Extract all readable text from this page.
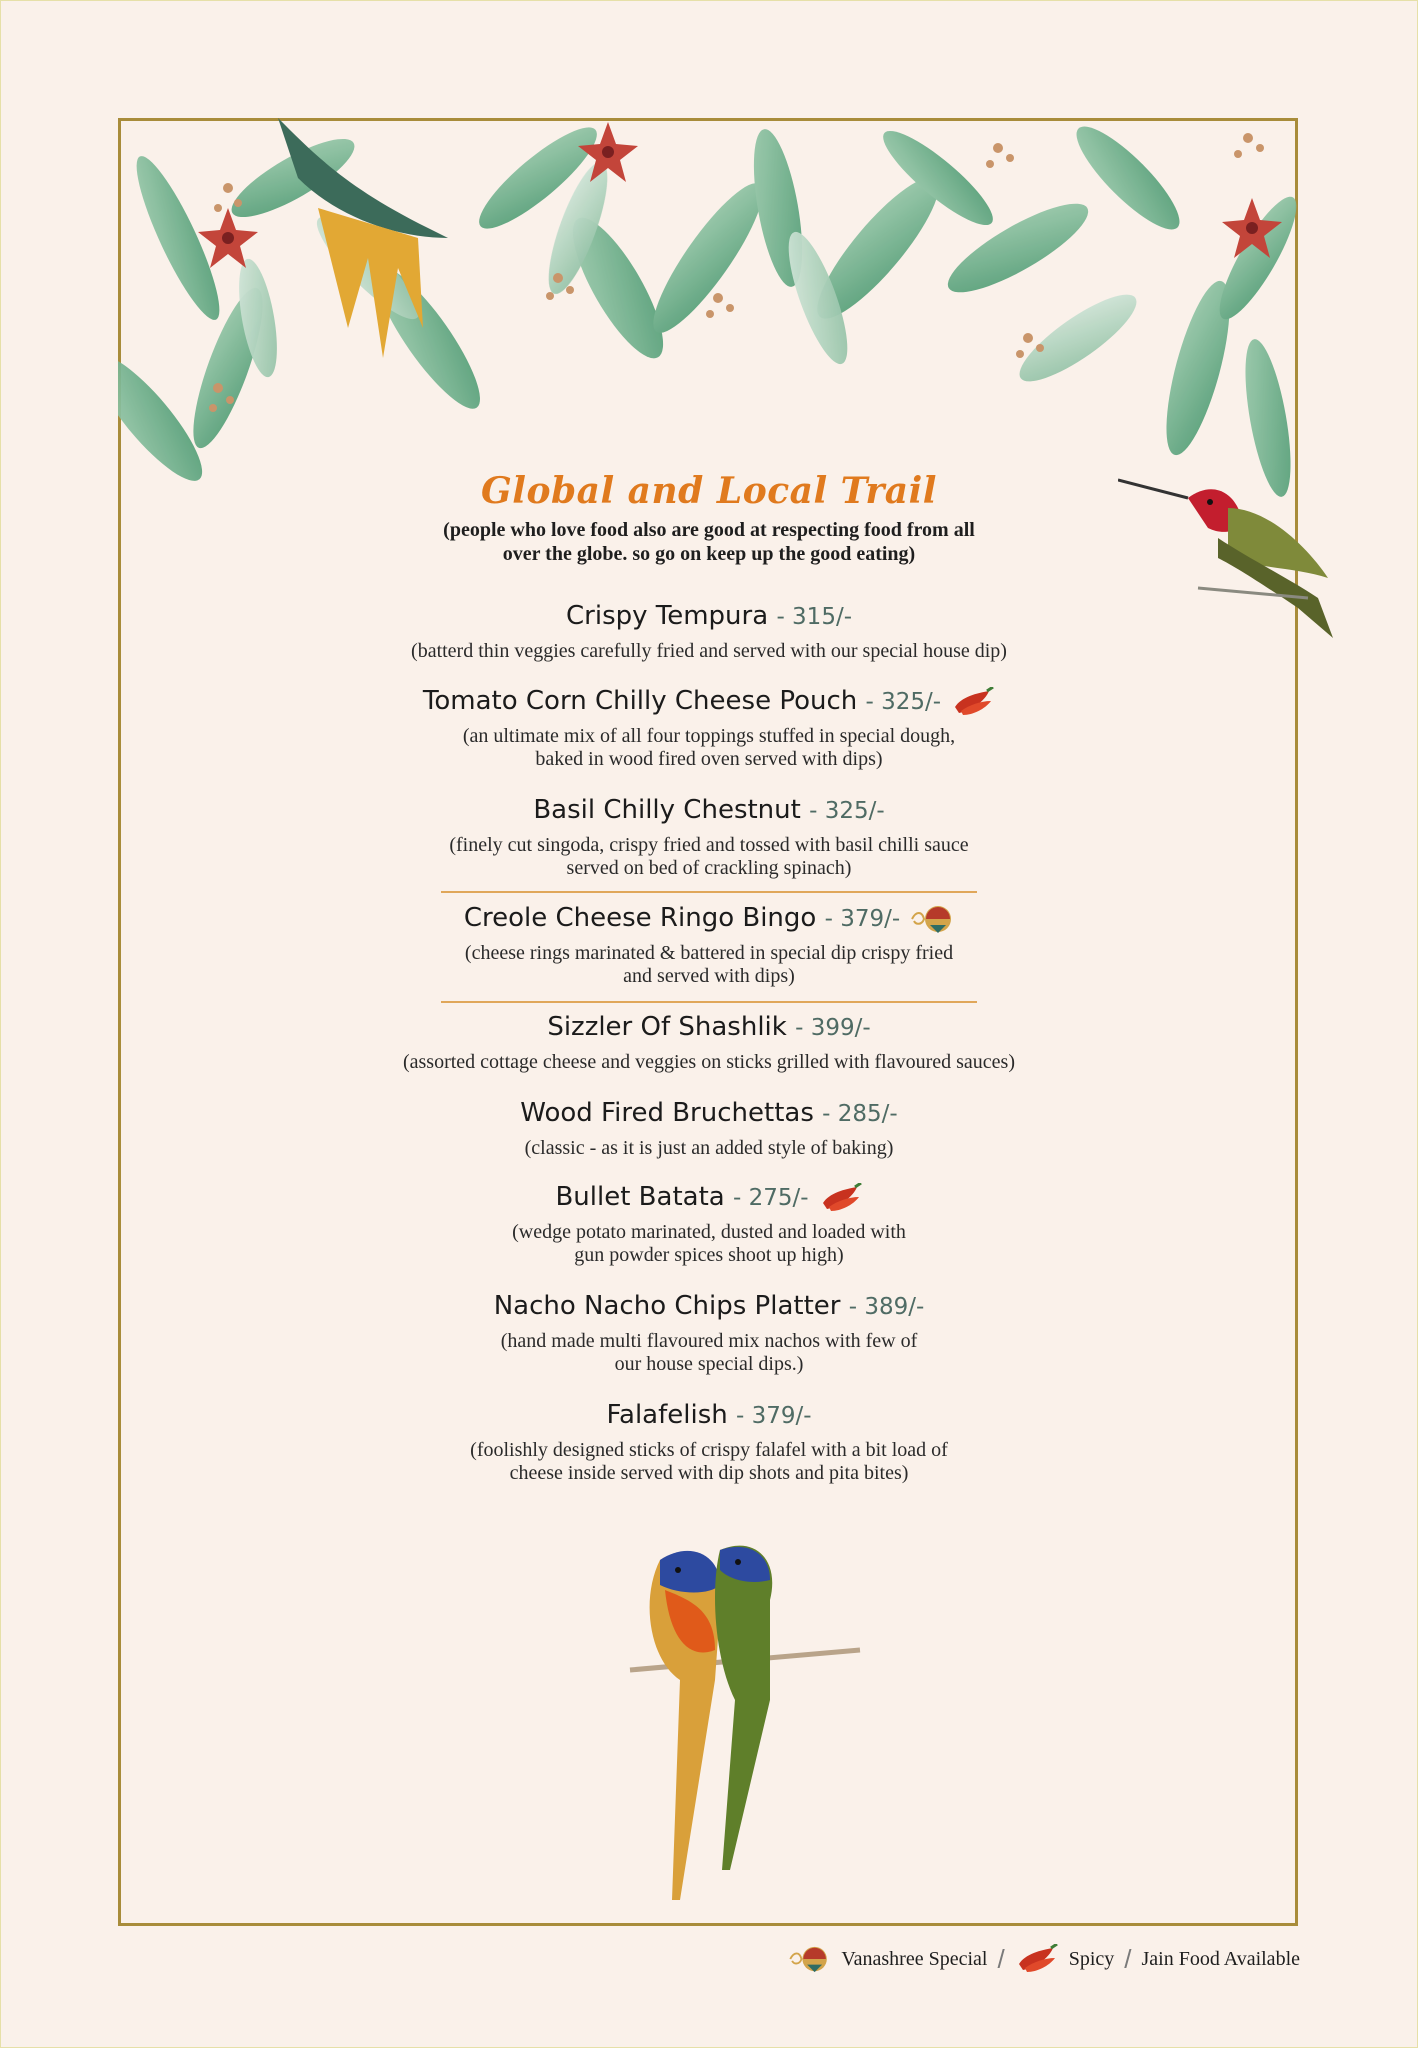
Global and Local Trail
(people who love food also are good at respecting food from all
over the globe. so go on keep up the good eating)
Crispy Tempura - 315/-
(batterd thin veggies carefully fried and served with our special house dip)
Tomato Corn Chilly Cheese Pouch - 325/-
(an ultimate mix of all four toppings stuffed in special dough,
baked in wood fired oven served with dips)
Basil Chilly Chestnut - 325/-
(finely cut singoda, crispy fried and tossed with basil chilli sauce
served on bed of crackling spinach)
Creole Cheese Ringo Bingo - 379/-
(cheese rings marinated & battered in special dip crispy fried
and served with dips)
Sizzler Of Shashlik - 399/-
(assorted cottage cheese and veggies on sticks grilled with flavoured sauces)
Wood Fired Bruchettas - 285/-
(classic - as it is just an added style of baking)
Bullet Batata - 275/-
(wedge potato marinated, dusted and loaded with
gun powder spices shoot up high)
Nacho Nacho Chips Platter - 389/-
(hand made multi flavoured mix nachos with few of
our house special dips.)
Falafelish - 379/-
(foolishly designed sticks of crispy falafel with a bit load of
cheese inside served with dip shots and pita bites)
Vanashree Special /	Spicy / Jain Food Available
